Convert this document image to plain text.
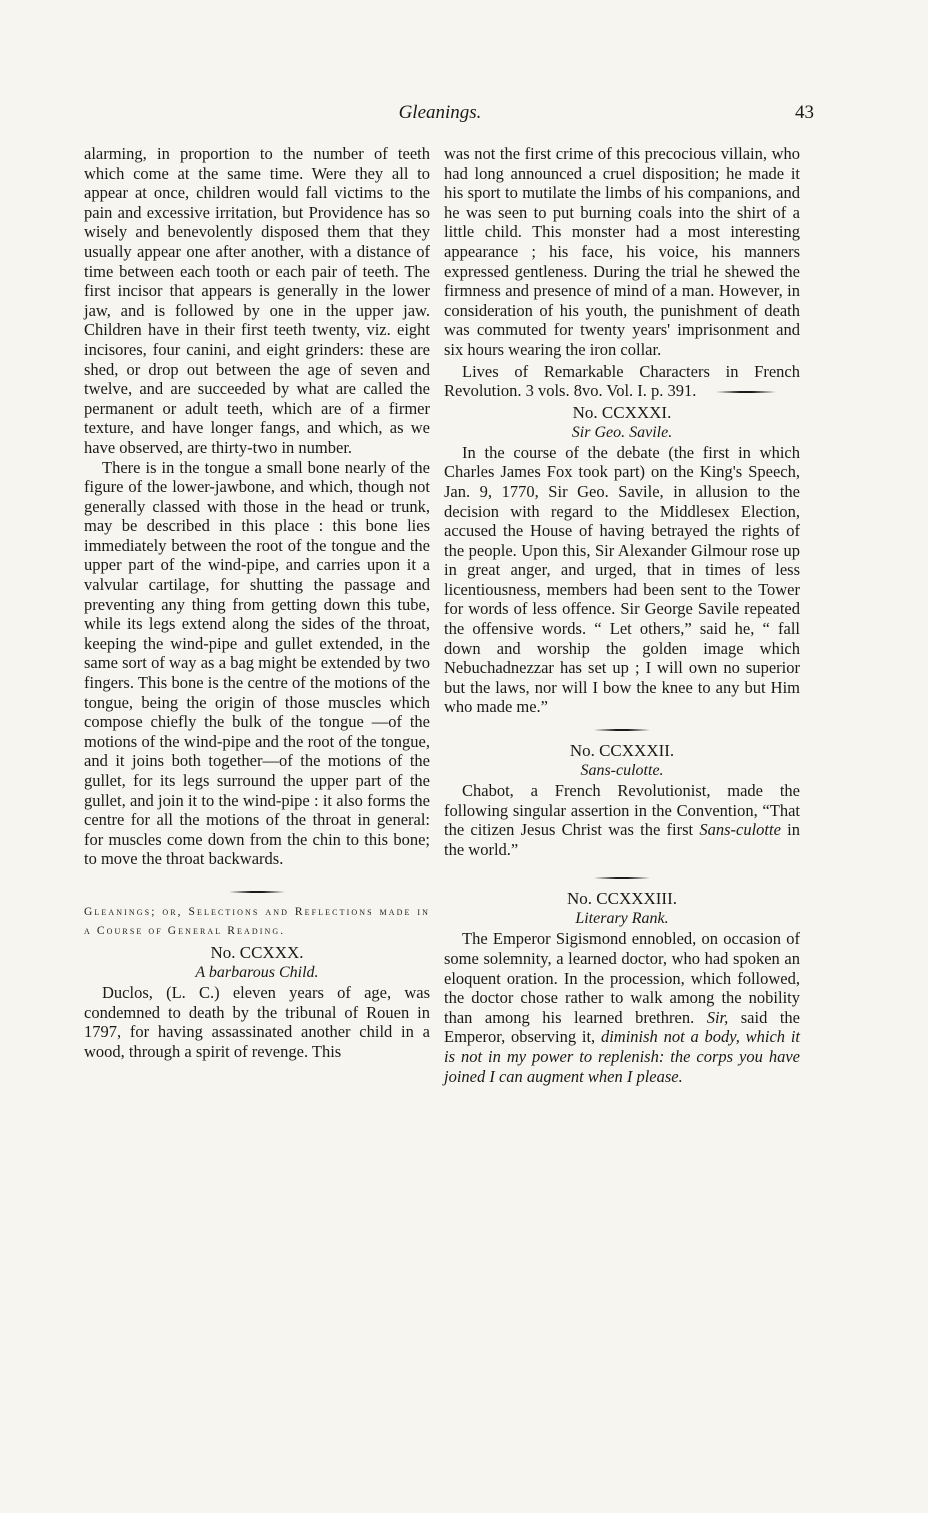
Gleanings.	43

alarming, in proportion to the number of teeth which come at the same time. Were they all to appear at once, children would fall victims to the pain and excessive irritation, but Providence has so wisely and benevolently disposed them that they usually appear one after another, with a distance of time between each tooth or each pair of teeth. The first incisor that appears is generally in the lower jaw, and is followed by one in the upper jaw. Children have in their first teeth twenty, viz. eight incisores, four canini, and eight grinders: these are shed, or drop out between the age of seven and twelve, and are succeeded by what are called the permanent or adult teeth, which are of a firmer texture, and have longer fangs, and which, as we have observed, are thirty-two in number.

There is in the tongue a small bone nearly of the figure of the lower-jawbone, and which, though not generally classed with those in the head or trunk, may be described in this place : this bone lies immediately between the root of the tongue and the upper part of the wind-pipe, and carries upon it a valvular cartilage, for shutting the passage and preventing any thing from getting down this tube, while its legs extend along the sides of the throat, keeping the wind-pipe and gullet extended, in the same sort of way as a bag might be extended by two fingers. This bone is the centre of the motions of the tongue, being the origin of those muscles which compose chiefly the bulk of the tongue —of the motions of the wind-pipe and the root of the tongue, and it joins both together—of the motions of the gullet, for its legs surround the upper part of the gullet, and join it to the wind-pipe : it also forms the centre for all the motions of the throat in general: for muscles come down from the chin to this bone; to move the throat backwards.

Gleanings; or, Selections and Reflections made in a Course of General Reading.

No. CCXXX.
A barbarous Child.

Duclos, (L. C.) eleven years of age, was condemned to death by the tribunal of Rouen in 1797, for having assassinated another child in a wood, through a spirit of revenge. This

was not the first crime of this precocious villain, who had long announced a cruel disposition; he made it his sport to mutilate the limbs of his companions, and he was seen to put burning coals into the shirt of a little child. This monster had a most interesting appearance ; his face, his voice, his manners expressed gentleness. During the trial he shewed the firmness and presence of mind of a man. However, in consideration of his youth, the punishment of death was commuted for twenty years' imprisonment and six hours wearing the iron collar.

Lives of Remarkable Characters in French Revolution. 3 vols. 8vo. Vol. I. p. 391.

No. CCXXXI.
Sir Geo. Savile.

In the course of the debate (the first in which Charles James Fox took part) on the King's Speech, Jan. 9, 1770, Sir Geo. Savile, in allusion to the decision with regard to the Middlesex Election, accused the House of having betrayed the rights of the people. Upon this, Sir Alexander Gilmour rose up in great anger, and urged, that in times of less licentiousness, members had been sent to the Tower for words of less offence. Sir George Savile repeated the offensive words. “ Let others,” said he, “ fall down and worship the golden image which Nebuchadnezzar has set up ; I will own no superior but the laws, nor will I bow the knee to any but Him who made me.”

No. CCXXXII.
Sans-culotte.

Chabot, a French Revolutionist, made the following singular assertion in the Convention, “That the citizen Jesus Christ was the first Sans-culotte in the world.”

No. CCXXXIII.
Literary Rank.

The Emperor Sigismond ennobled, on occasion of some solemnity, a learned doctor, who had spoken an eloquent oration. In the procession, which followed, the doctor chose rather to walk among the nobility than among his learned brethren. Sir, said the Emperor, observing it, diminish not a body, which it is not in my power to replenish: the corps you have joined I can augment when I please.
